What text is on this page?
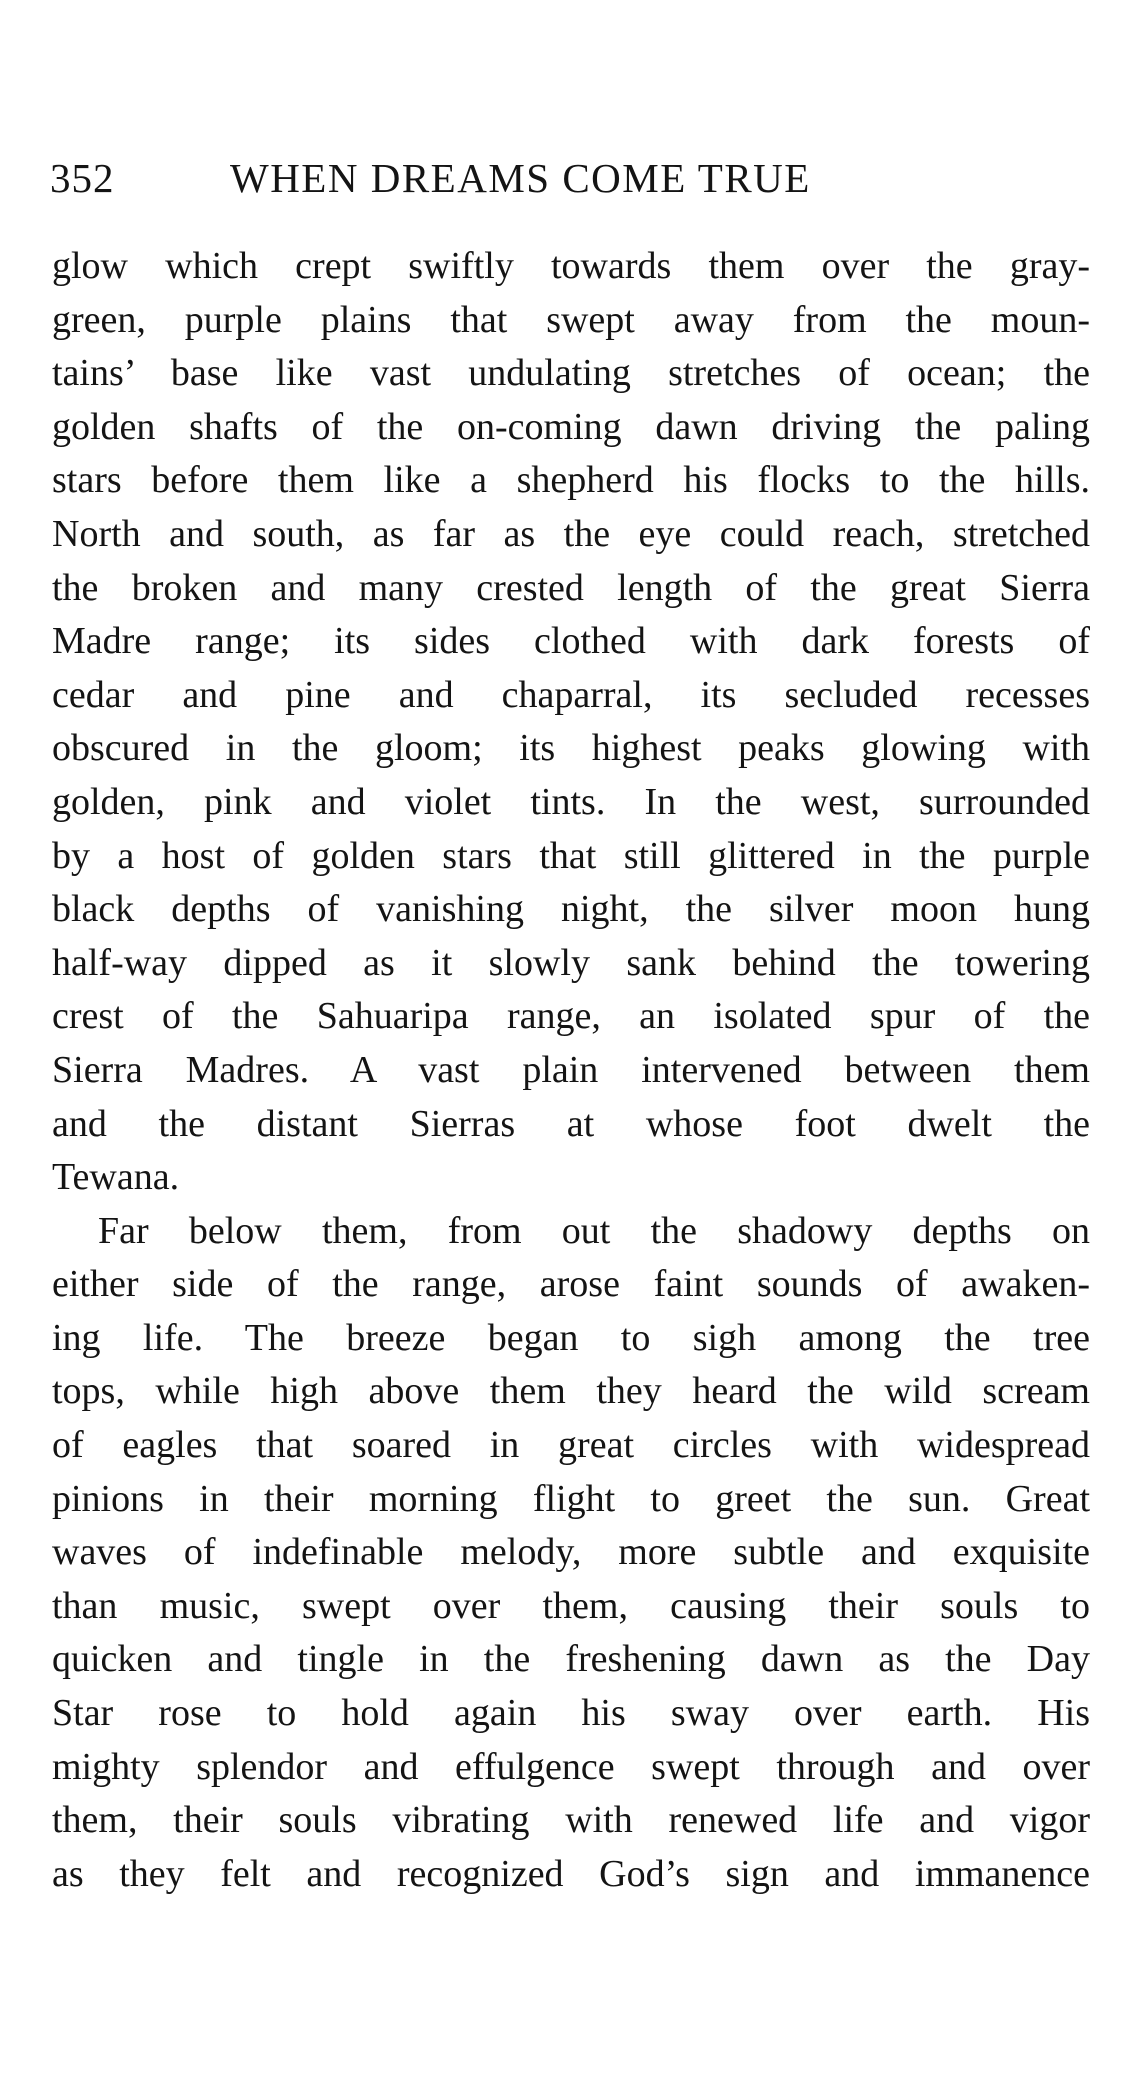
352	WHEN DREAMS COME TRUE
glow which crept swiftly towards them over the gray-
green, purple plains that swept away from the moun-
tains’ base like vast undulating stretches of ocean; the
golden shafts of the on-coming dawn driving the paling
stars before them like a shepherd his flocks to the hills.
North and south, as far as the eye could reach, stretched
the broken and many crested length of the great Sierra
Madre range; its sides clothed with dark forests of
cedar and pine and chaparral, its secluded recesses
obscured in the gloom; its highest peaks glowing with
golden, pink and violet tints. In the west, surrounded
by a host of golden stars that still glittered in the purple
black depths of vanishing night, the silver moon hung
half-way dipped as it slowly sank behind the towering
crest of the Sahuaripa range, an isolated spur of the
Sierra Madres. A vast plain intervened between them
and the distant Sierras at whose foot dwelt the
Tewana.
Far below them, from out the shadowy depths on
either side of the range, arose faint sounds of awaken-
ing life. The breeze began to sigh among the tree
tops, while high above them they heard the wild scream
of eagles that soared in great circles with widespread
pinions in their morning flight to greet the sun. Great
waves of indefinable melody, more subtle and exquisite
than music, swept over them, causing their souls to
quicken and tingle in the freshening dawn as the Day
Star rose to hold again his sway over earth. His
mighty splendor and effulgence swept through and over
them, their souls vibrating with renewed life and vigor
as they felt and recognized God’s sign and immanence
